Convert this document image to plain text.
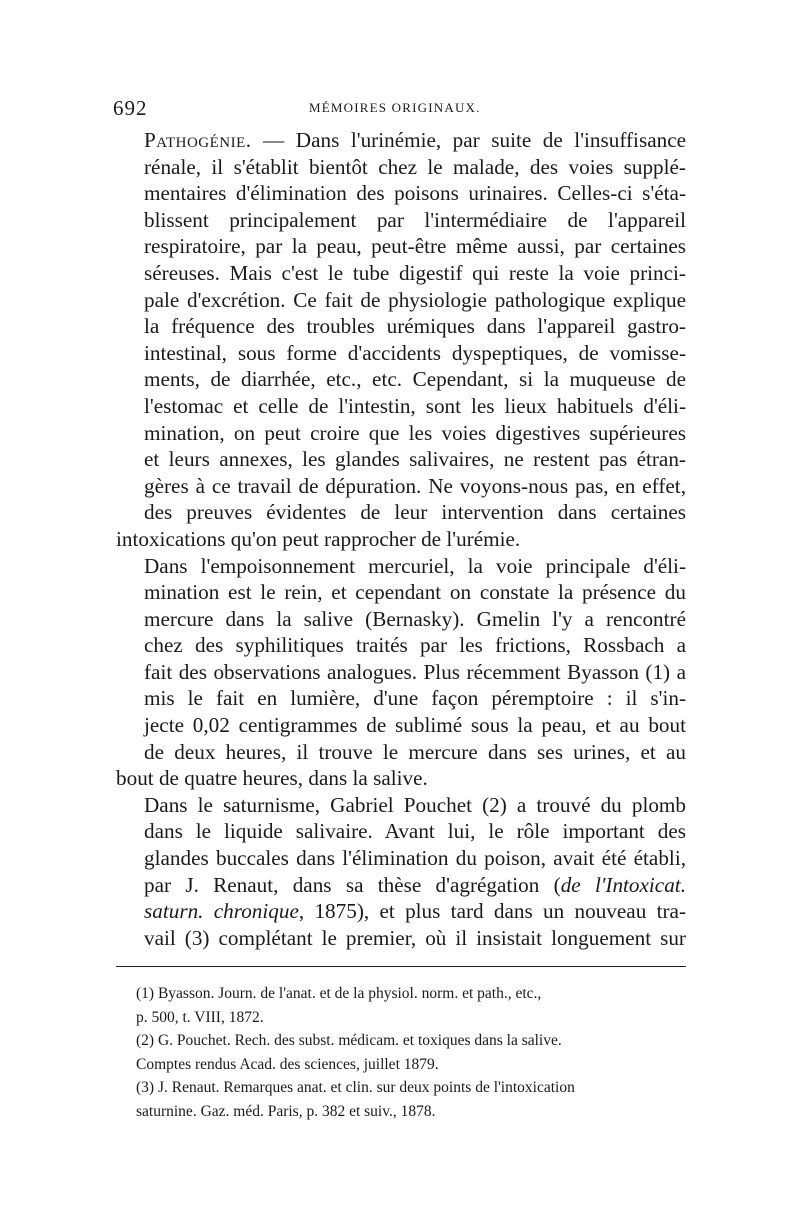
692	MÉMOIRES ORIGINAUX.

Pathogénie. — Dans l'urinémie, par suite de l'insuffisance
rénale, il s'établit bientôt chez le malade, des voies supplé-
mentaires d'élimination des poisons urinaires. Celles-ci s'éta-
blissent principalement par l'intermédiaire de l'appareil
respiratoire, par la peau, peut-être même aussi, par certaines
séreuses. Mais c'est le tube digestif qui reste la voie princi-
pale d'excrétion. Ce fait de physiologie pathologique explique
la fréquence des troubles urémiques dans l'appareil gastro-
intestinal, sous forme d'accidents dyspeptiques, de vomisse-
ments, de diarrhée, etc., etc. Cependant, si la muqueuse de
l'estomac et celle de l'intestin, sont les lieux habituels d'éli-
mination, on peut croire que les voies digestives supérieures
et leurs annexes, les glandes salivaires, ne restent pas étran-
gères à ce travail de dépuration. Ne voyons-nous pas, en effet,
des preuves évidentes de leur intervention dans certaines

intoxications qu'on peut rapprocher de l'urémie.

Dans l'empoisonnement mercuriel, la voie principale d'éli-
mination est le rein, et cependant on constate la présence du
mercure dans la salive (Bernasky). Gmelin l'y a rencontré
chez des syphilitiques traités par les frictions, Rossbach a
fait des observations analogues. Plus récemment Byasson (1) a
mis le fait en lumière, d'une façon péremptoire : il s'in-
jecte 0,02 centigrammes de sublimé sous la peau, et au bout
de deux heures, il trouve le mercure dans ses urines, et au

bout de quatre heures, dans la salive.

Dans le saturnisme, Gabriel Pouchet (2) a trouvé du plomb
dans le liquide salivaire. Avant lui, le rôle important des
glandes buccales dans l'élimination du poison, avait été établi,
par J. Renaut, dans sa thèse d'agrégation (de l'Intoxicat.
saturn. chronique, 1875), et plus tard dans un nouveau tra-
vail (3) complétant le premier, où il insistait longuement sur

(1) Byasson. Journ. de l'anat. et de la physiol. norm. et path., etc.,
p. 500, t. VIII, 1872.

(2) G. Pouchet. Rech. des subst. médicam. et toxiques dans la salive.
Comptes rendus Acad. des sciences, juillet 1879.

(3) J. Renaut. Remarques anat. et clin. sur deux points de l'intoxication
saturnine. Gaz. méd. Paris, p. 382 et suiv., 1878.
